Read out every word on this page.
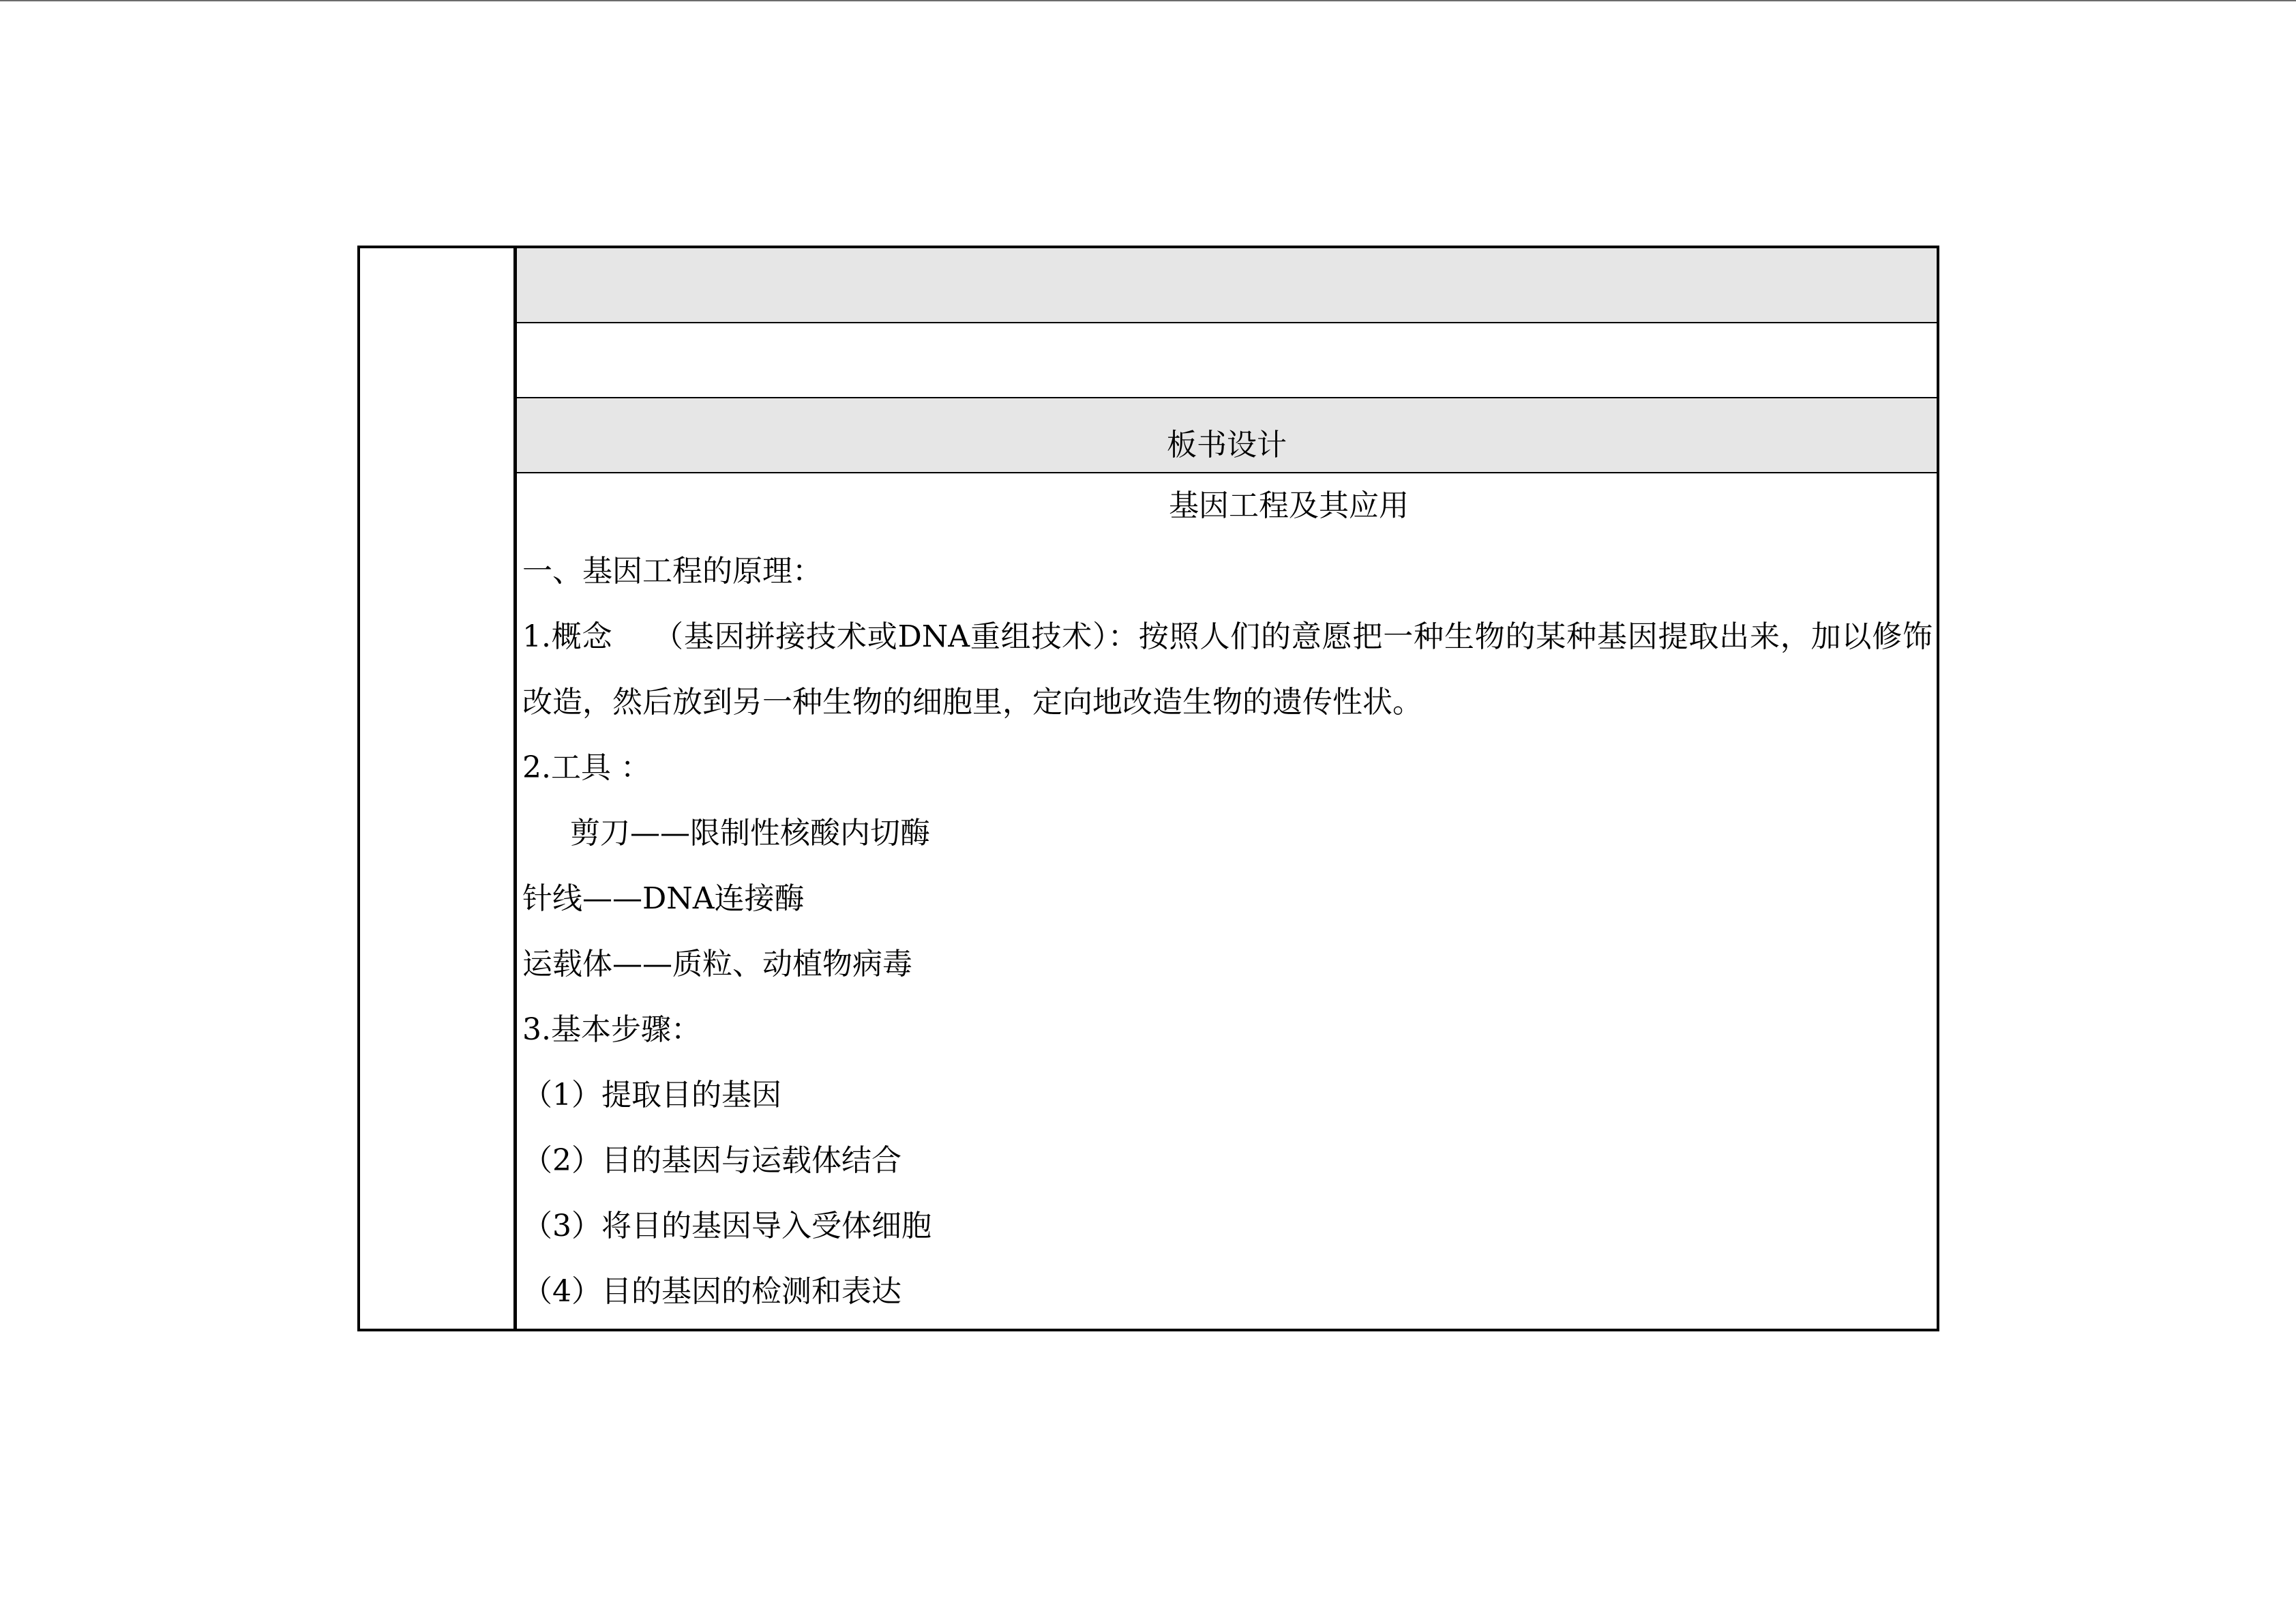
板书设计
基因工程及其应用
一、基因工程的原理：
1.概念　 （基因拼接技术或DNA重组技术）：按照人们的意愿把一种生物的某种基因提取出来，加以修饰改造，然后放到另一种生物的细胞里，定向地改造生物的遗传性状。
2.工具 ：
剪刀——限制性核酸内切酶
针线——DNA连接酶
运载体——质粒、动植物病毒
3.基本步骤：
（1）提取目的基因
（2）目的基因与运载体结合
（3）将目的基因导入受体细胞
（4）目的基因的检测和表达
